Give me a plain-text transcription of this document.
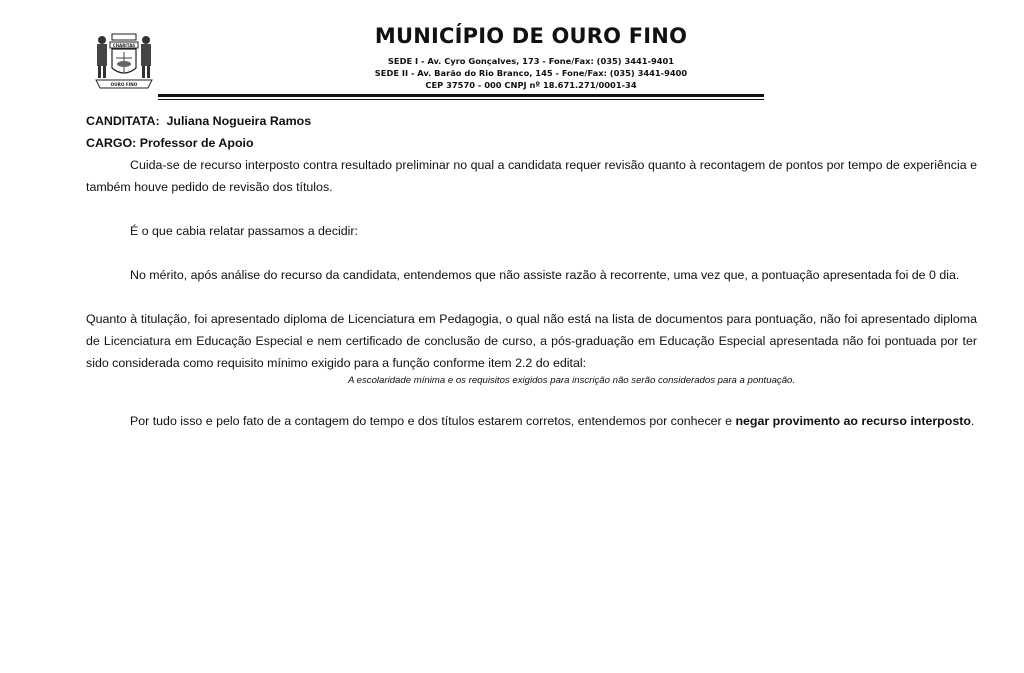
CHARITAS
OURO FINO
MUNICÍPIO DE OURO FINO
SEDE I - Av. Cyro Gonçalves, 173 - Fone/Fax: (035) 3441-9401
SEDE II - Av. Barão do Rio Branco, 145 - Fone/Fax: (035) 3441-9400
CEP 37570 - 000 CNPJ nº 18.671.271/0001-34

CANDITATA: Juliana Nogueira Ramos

CARGO: Professor de Apoio

Cuida-se de recurso interposto contra resultado preliminar no qual a candidata requer revisão quanto à recontagem de pontos por tempo de experiência e também houve pedido de revisão dos títulos.

É o que cabia relatar passamos a decidir:

No mérito, após análise do recurso da candidata, entendemos que não assiste razão à recorrente, uma vez que, a pontuação apresentada foi de 0 dia.

Quanto à titulação, foi apresentado diploma de Licenciatura em Pedagogia, o qual não está na lista de documentos para pontuação, não foi apresentado diploma de Licenciatura em Educação Especial e nem certificado de conclusão de curso, a pós-graduação em Educação Especial apresentada não foi pontuada por ter sido considerada como requisito mínimo exigido para a função conforme item 2.2 do edital:

A escolaridade mínima e os requisitos exigidos para inscrição não serão considerados para a pontuação.

Por tudo isso e pelo fato de a contagem do tempo e dos títulos estarem corretos, entendemos por conhecer e negar provimento ao recurso interposto.
